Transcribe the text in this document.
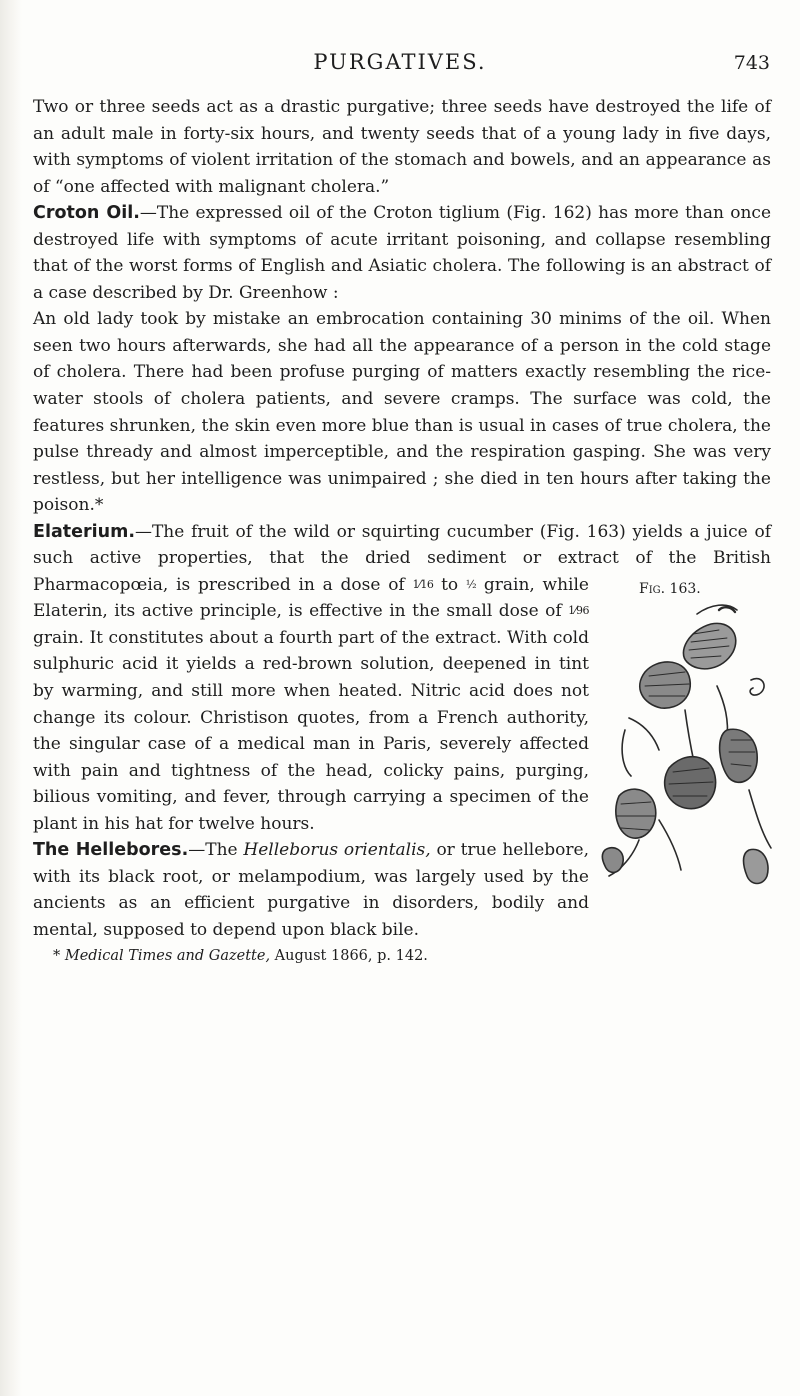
PURGATIVES.	743

Two or three seeds act as a drastic purgative; three seeds have destroyed the life of an adult male in forty-six hours, and twenty seeds that of a young lady in five days, with symptoms of violent irritation of the stomach and bowels, and an appearance as of “one affected with malignant cholera.”

Croton Oil.—The expressed oil of the Croton tiglium (Fig. 162) has more than once destroyed life with symptoms of acute irritant poisoning, and collapse resembling that of the worst forms of English and Asiatic cholera. The following is an abstract of a case described by Dr. Greenhow :

An old lady took by mistake an embrocation containing 30 minims of the oil. When seen two hours afterwards, she had all the appearance of a person in the cold stage of cholera. There had been profuse purging of matters exactly resembling the rice-water stools of cholera patients, and severe cramps. The surface was cold, the features shrunken, the skin even more blue than is usual in cases of true cholera, the pulse thready and almost imperceptible, and the respiration gasping. She was very restless, but her intelligence was unimpaired ; she died in ten hours after taking the poison.*

Elaterium.—The fruit of the wild or squirting cucumber (Fig. 163) yields a juice of such active properties, that the dried sediment or extract of the British Pharmacopœia, is prescribed in a dose of	Fig. 163.
1⁄16 to ½ grain, while Elaterin, its active principle, is effective in the small dose of 1⁄96 grain. It constitutes about a fourth part of the extract. With cold sulphuric acid it yields a red-brown solution, deepened in tint by warming, and still more when heated. Nitric acid does not change its colour. Christison quotes, from a French authority, the singular case of a medical man in Paris, severely affected with pain and tightness of the head, colicky pains, purging, bilious vomiting, and fever, through carrying a specimen of the plant in his hat for twelve hours.

The Hellebores.—The Helleborus orientalis, or true hellebore, with its black root, or melampodium, was largely used by the ancients as an efficient purgative in disorders, bodily and mental, supposed to depend upon black bile.

* Medical Times and Gazette, August 1866, p. 142.
